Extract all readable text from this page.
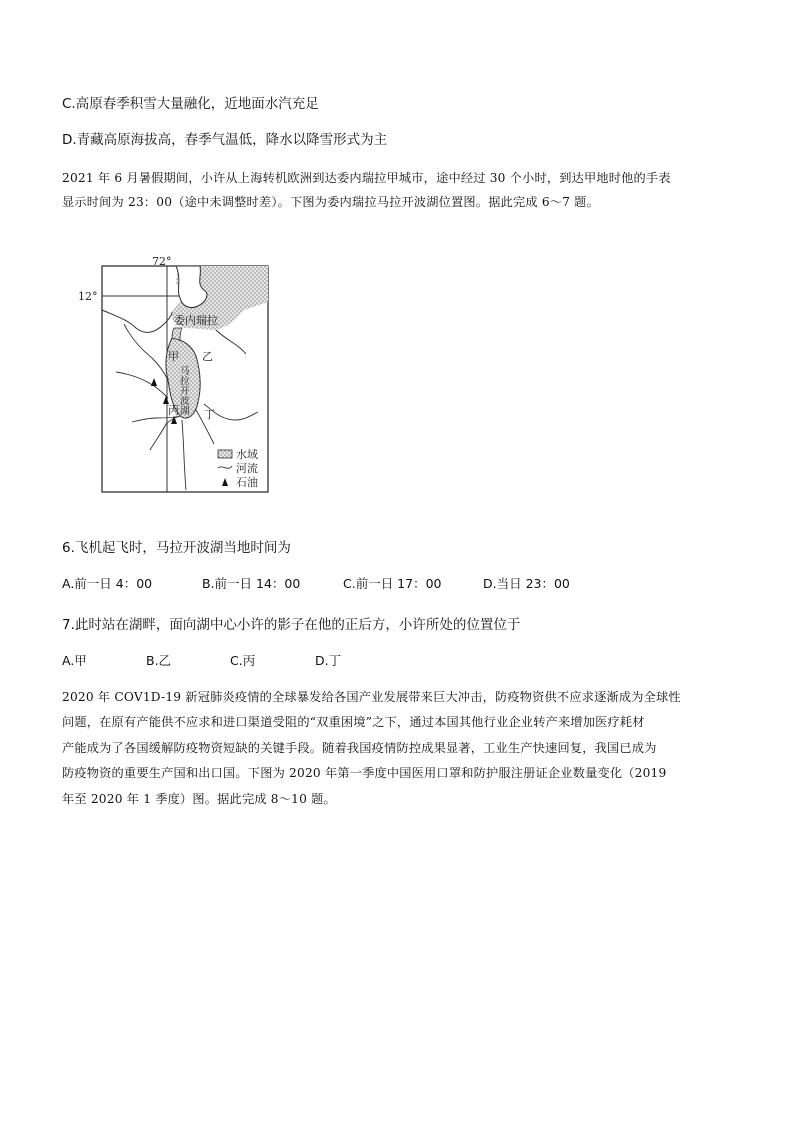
C.高原春季积雪大量融化，近地面水汽充足
D.青藏高原海拔高，春季气温低，降水以降雪形式为主
2021 年 6 月暑假期间，小许从上海转机欧洲到达委内瑞拉甲城市，途中经过 30 个小时，到达甲地时他的手表
显示时间为 23：00（途中未调整时差）。下图为委内瑞拉马拉开波湖位置图。据此完成 6～7 题。
72°
12°
委内瑞拉
甲 乙
丙 丁
马
拉
开
波
湖
水域
河流
石油
6.飞机起飞时，马拉开波湖当地时间为
A.前一日 4：00	B.前一日 14：00	C.前一日 17：00	D.当日 23：00
7.此时站在湖畔，面向湖中心小许的影子在他的正后方，小许所处的位置位于
A.甲	B.乙	C.丙	D.丁
2020 年 COV1D-19 新冠肺炎疫情的全球暴发给各国产业发展带来巨大冲击，防疫物资供不应求逐渐成为全球性
问题，在原有产能供不应求和进口渠道受阻的“双重困境”之下，通过本国其他行业企业转产来增加医疗耗材
产能成为了各国缓解防疫物资短缺的关键手段。随着我国疫情防控成果显著，工业生产快速回复，我国已成为
防疫物资的重要生产国和出口国。下图为 2020 年第一季度中国医用口罩和防护服注册证企业数量变化（2019
年至 2020 年 1 季度）图。据此完成 8～10 题。
